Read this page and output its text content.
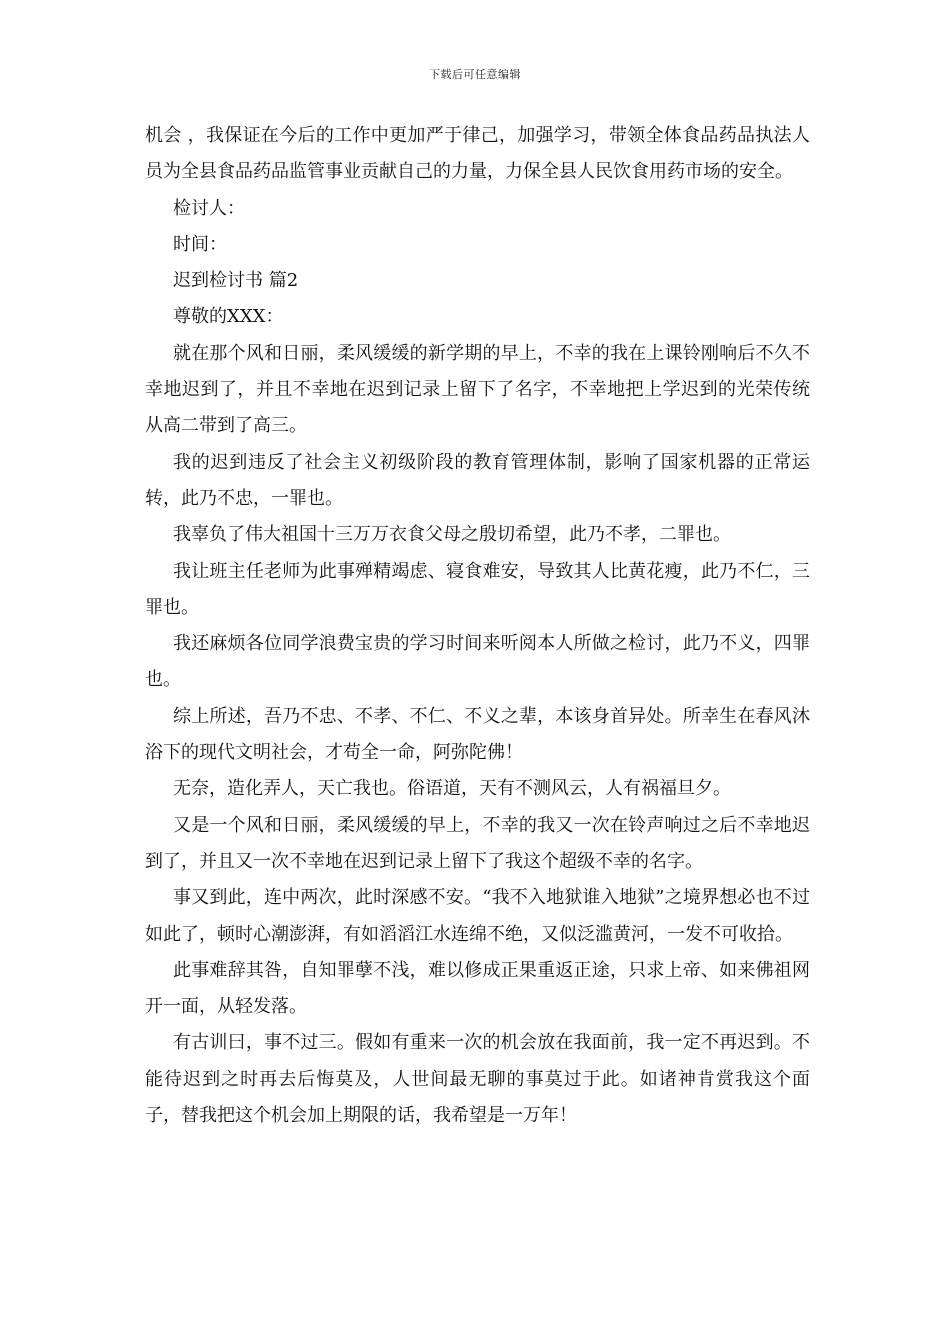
下载后可任意编辑

机会 ，我保证在今后的工作中更加严于律己，加强学习，带领全体食品药品执法人员为全县食品药品监管事业贡献自己的力量，力保全县人民饮食用药市场的安全。

检讨人：

时间：

迟到检讨书 篇2

尊敬的XXX：

就在那个风和日丽，柔风缓缓的新学期的早上，不幸的我在上课铃刚响后不久不幸地迟到了，并且不幸地在迟到记录上留下了名字，不幸地把上学迟到的光荣传统从高二带到了高三。

我的迟到违反了社会主义初级阶段的教育管理体制，影响了国家机器的正常运转，此乃不忠，一罪也。

我辜负了伟大祖国十三万万衣食父母之殷切希望，此乃不孝，二罪也。

我让班主任老师为此事殚精竭虑、寝食难安，导致其人比黄花瘦，此乃不仁，三罪也。

我还麻烦各位同学浪费宝贵的学习时间来听阅本人所做之检讨，此乃不义，四罪也。

综上所述，吾乃不忠、不孝、不仁、不义之辈，本该身首异处。所幸生在春风沐浴下的现代文明社会，才苟全一命，阿弥陀佛！

无奈，造化弄人，天亡我也。俗语道，天有不测风云，人有祸福旦夕。

又是一个风和日丽，柔风缓缓的早上，不幸的我又一次在铃声响过之后不幸地迟到了，并且又一次不幸地在迟到记录上留下了我这个超级不幸的名字。

事又到此，连中两次，此时深感不安。“我不入地狱谁入地狱”之境界想必也不过如此了，顿时心潮澎湃，有如滔滔江水连绵不绝，又似泛滥黄河，一发不可收拾。

此事难辞其咎，自知罪孽不浅，难以修成正果重返正途，只求上帝、如来佛祖网开一面，从轻发落。

有古训曰，事不过三。假如有重来一次的机会放在我面前，我一定不再迟到。不能待迟到之时再去后悔莫及，人世间最无聊的事莫过于此。如诸神肯赏我这个面子，替我把这个机会加上期限的话，我希望是一万年！
